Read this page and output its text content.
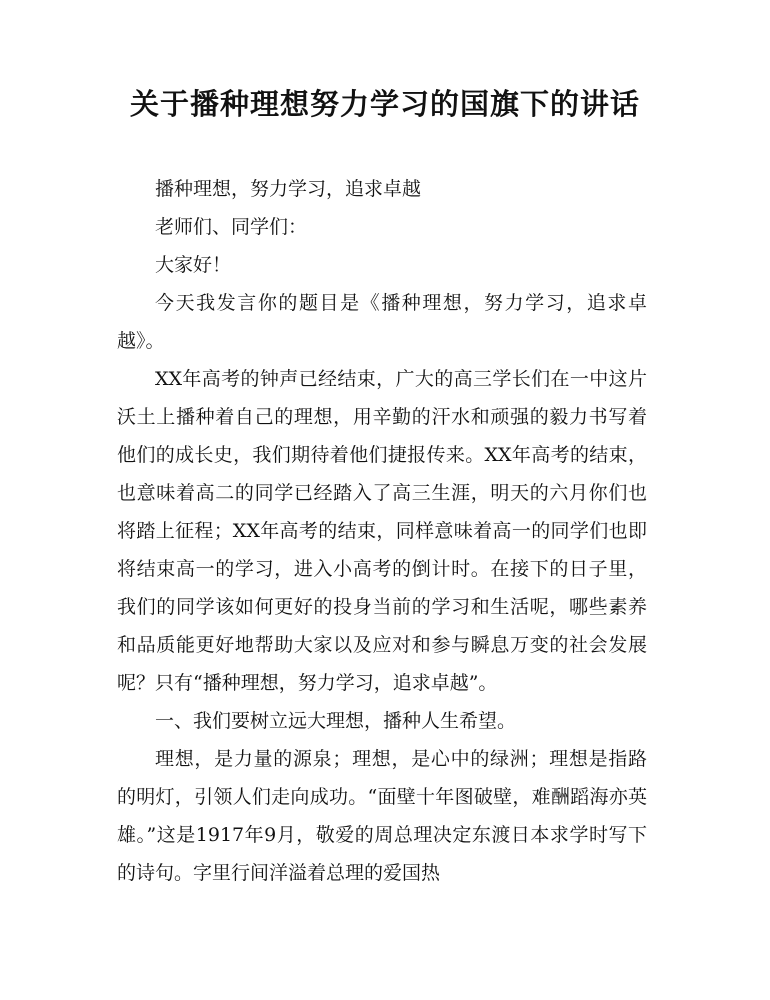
关于播种理想努力学习的国旗下的讲话

播种理想，努力学习，追求卓越

老师们、同学们：

大家好！

今天我发言你的题目是《播种理想，努力学习，追求卓越》。

XX年高考的钟声已经结束，广大的高三学长们在一中这片沃土上播种着自己的理想，用辛勤的汗水和顽强的毅力书写着他们的成长史，我们期待着他们捷报传来。XX年高考的结束，也意味着高二的同学已经踏入了高三生涯，明天的六月你们也将踏上征程；XX年高考的结束，同样意味着高一的同学们也即将结束高一的学习，进入小高考的倒计时。在接下的日子里，我们的同学该如何更好的投身当前的学习和生活呢，哪些素养和品质能更好地帮助大家以及应对和参与瞬息万变的社会发展呢？只有“播种理想，努力学习，追求卓越”。

一、我们要树立远大理想，播种人生希望。

理想，是力量的源泉；理想，是心中的绿洲；理想是指路的明灯，引领人们走向成功。“面壁十年图破壁，难酬蹈海亦英雄。”这是1917年9月，敬爱的周总理决定东渡日本求学时写下的诗句。字里行间洋溢着总理的爱国热
